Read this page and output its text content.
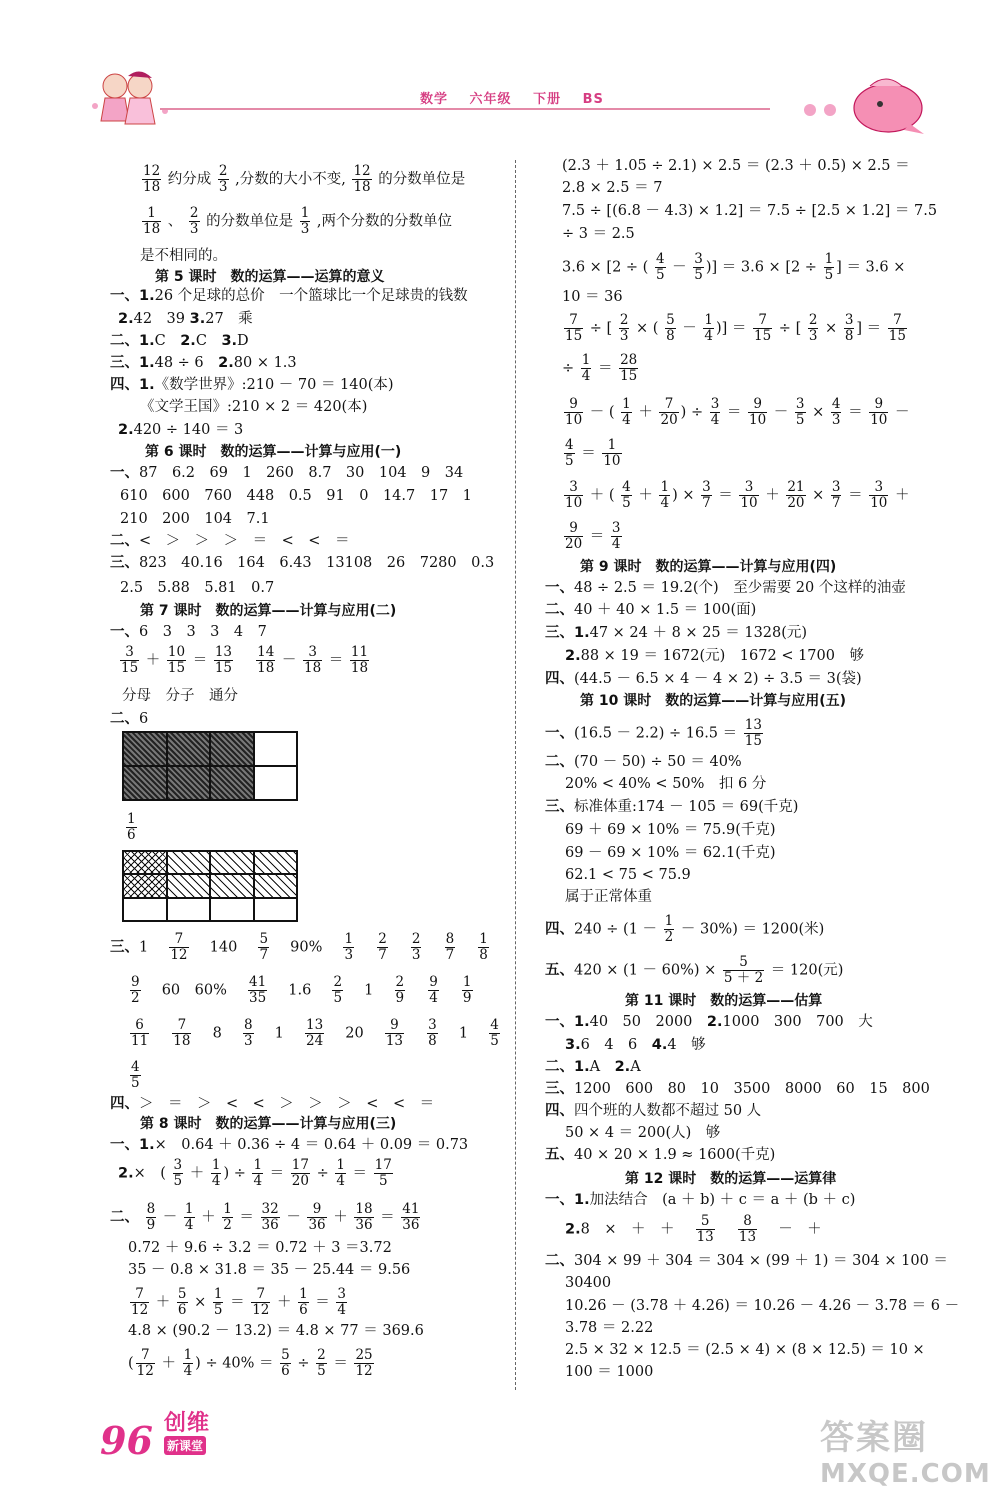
数学 六年级 下册 BS
$\frac{12}{18}$ 约分成 $\frac{2}{3}$ ,分数的大小不变, $\frac{12}{18}$ 的分数单位是
$\frac{1}{18}$ 、 $\frac{2}{3}$ 的分数单位是 $\frac{1}{3}$ ,两个分数的分数单位
是不相同的。
第 5 课时　数的运算——运算的意义
一、1.26 个足球的总价　一个篮球比一个足球贵的钱数
2.42　39 3.27　乘
二、1.C　2.C　3.D
三、1.48 ÷ 6　2.80 × 1.3
四、1.《数学世界》:210 － 70 ＝ 140(本)
《文学王国》:210 × 2 ＝ 420(本)
2.420 ÷ 140 ＝ 3
第 6 课时　数的运算——计算与应用(一)
一、87　6.2　69　1　260　8.7　30　104　9　34
610　600　760　448　0.5　91　0　14.7　17　1
210　200　104　7.1
二、<　＞　＞　＞　＝　<　<　＝
三、823　40.16　164　6.43　13108　26　7280　0.3
2.5　5.88　5.81　0.7
第 7 课时　数的运算——计算与应用(二)
一、6　3　3　3　4　7
$\frac{3}{15} + \frac{10}{15} = \frac{13}{15}$
　 $\frac{14}{18} - \frac{3}{18} = \frac{11}{18}$
分母　分子　通分
二、6
$\frac{1}{6}$
三、1　 $\frac{7}{12}$
　 140　 $\frac{5}{7}$
　 90%　 $\frac{1}{3}$
　 $\frac{2}{7}$
　 $\frac{2}{3}$
　 $\frac{8}{7}$
　 $\frac{1}{8}$
$\frac{9}{2}$
　 60　60%　 $\frac{41}{35}$
　 1.6　 $\frac{2}{5}$
　 1　 $\frac{2}{9}$
　 $\frac{9}{4}$
　 $\frac{1}{9}$
$\frac{6}{11}$
　 $\frac{7}{18}$
　 8　 $\frac{8}{3}$
　 1　 $\frac{13}{24}$
　 20　 $\frac{9}{13}$
　 $\frac{3}{8}$
　 1　 $\frac{4}{5}$
$\frac{4}{5}$
四、＞　＝　＞　<　<　＞　＞　＞　<　<　＝
第 8 课时　数的运算——计算与应用(三)
一、1.×　0.64 ＋ 0.36 ÷ 4 ＝ 0.64 ＋ 0.09 ＝ 0.73
2.×　( $\frac{3}{5} + \frac{1}{4}$ ) ÷ $\frac{1}{4} = \frac{17}{20} \div \frac{1}{4} = \frac{17}{5}$
二、 $\frac{8}{9} - \frac{1}{4} + \frac{1}{2} = \frac{32}{36} - \frac{9}{36} + \frac{18}{36} = \frac{41}{36}$
0.72 ＋ 9.6 ÷ 3.2 ＝ 0.72 ＋ 3 ＝3.72
35 － 0.8 × 31.8 ＝ 35 － 25.44 ＝ 9.56
$\frac{7}{12} + \frac{5}{6} \times \frac{1}{5} = \frac{7}{12} + \frac{1}{6} = \frac{3}{4}$
4.8 × (90.2 － 13.2) ＝ 4.8 × 77 ＝ 369.6
( $\frac{7}{12} + \frac{1}{4}$ ) ÷ $40\% = \frac{5}{6} \div \frac{2}{5} = \frac{25}{12}$
(2.3 ＋ 1.05 ÷ 2.1) × 2.5 ＝ (2.3 ＋ 0.5) × 2.5 ＝
2.8 × 2.5 ＝ 7
7.5 ÷ [(6.8 － 4.3) × 1.2] ＝ 7.5 ÷ [2.5 × 1.2] ＝ 7.5
÷ 3 ＝ 2.5
3.6 × [2 ÷ ( $\frac{4}{5} - \frac{3}{5}$ )] ＝ $3.6 \times [2 \div \frac{1}{5}$ ] ＝ 3.6 ×
10 ＝ 36
$\frac{7}{15}$ ÷ [ $\frac{2}{3}$ × ( $\frac{5}{8} - \frac{1}{4}$ )] ＝ $\frac{7}{15}$ ÷ [ $\frac{2}{3} \times \frac{3}{8}$ ] ＝ $\frac{7}{15}$
÷ $\frac{1}{4} = \frac{28}{15}$
$\frac{9}{10}$ － ( $\frac{1}{4} + \frac{7}{20}$ ) ÷ $\frac{3}{4} = \frac{9}{10} - \frac{3}{5} \times \frac{4}{3} = \frac{9}{10}$ －
$\frac{4}{5} = \frac{1}{10}$
$\frac{3}{10}$ ＋ ( $\frac{4}{5} + \frac{1}{4}$ ) × $\frac{3}{7} = \frac{3}{10} + \frac{21}{20} \times \frac{3}{7} = \frac{3}{10}$ ＋
$\frac{9}{20} = \frac{3}{4}$
第 9 课时　数的运算——计算与应用(四)
一、48 ÷ 2.5 ＝ 19.2(个)　至少需要 20 个这样的油壶
二、40 ＋ 40 × 1.5 ＝ 100(面)
三、1.47 × 24 ＋ 8 × 25 ＝ 1328(元)
2.88 × 19 ＝ 1672(元)　1672 < 1700　够
四、(44.5 － 6.5 × 4 － 4 × 2) ÷ 3.5 ＝ 3(袋)
第 10 课时　数的运算——计算与应用(五)
一、$(16.5 - 2.2) \div 16.5 = \frac{13}{15}$
二、(70 － 50) ÷ 50 ＝ 40%
20% < 40% < 50%　扣 6 分
三、标准体重:174 － 105 ＝ 69(千克)
69 ＋ 69 × 10% ＝ 75.9(千克)
69 － 69 × 10% ＝ 62.1(千克)
62.1 < 75 < 75.9
属于正常体重
四、$240 \div (1 - \frac{1}{2} - 30\%) = 1200$(米)
五、$420 \times (1 - 60\%) \times \frac{5}{5 + 2} = 120$(元)
第 11 课时　数的运算——估算
一、1.40　50　2000　2.1000　300　700　大
3.6　4　6　4.4　够
二、1.A　2.A
三、1200　600　80　10　3500　8000　60　15　800
四、四个班的人数都不超过 50 人
50 × 4 ＝ 200(人)　够
五、40 × 20 × 1.9 ≈ 1600(千克)
第 12 课时　数的运算——运算律
一、1.加法结合　(a ＋ b) ＋ c ＝ a ＋ (b ＋ c)
2.8　×　＋　＋　 $\frac{5}{13}$
　 $\frac{8}{13}$
　 －　＋
二、304 × 99 ＋ 304 ＝ 304 × (99 ＋ 1) ＝ 304 × 100 ＝
30400
10.26 － (3.78 ＋ 4.26) ＝ 10.26 － 4.26 － 3.78 ＝ 6 －
3.78 ＝ 2.22
2.5 × 32 × 12.5 ＝ (2.5 × 4) × (8 × 12.5) ＝ 10 ×
100 ＝ 1000
96 创维
新课堂	答案圈
MXQE.COM
